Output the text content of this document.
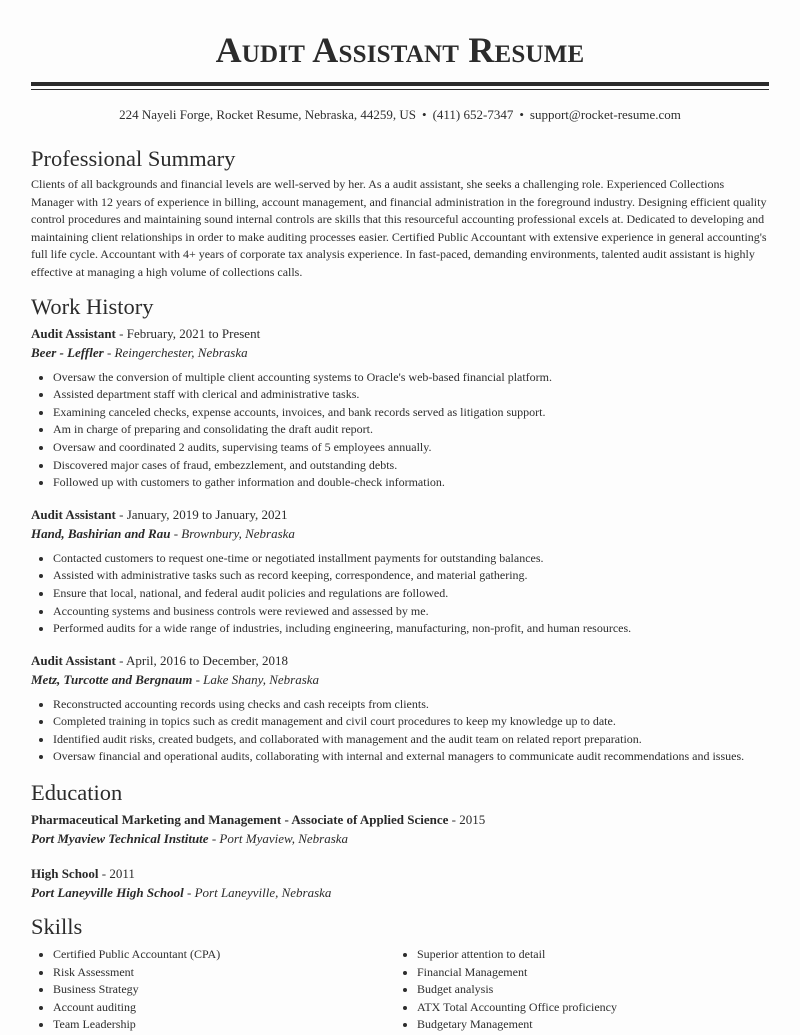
Audit Assistant Resume
224 Nayeli Forge, Rocket Resume, Nebraska, 44259, US • (411) 652-7347 • support@rocket-resume.com
Professional Summary
Clients of all backgrounds and financial levels are well-served by her. As a audit assistant, she seeks a challenging role. Experienced Collections Manager with 12 years of experience in billing, account management, and financial administration in the foreground industry. Designing efficient quality control procedures and maintaining sound internal controls are skills that this resourceful accounting professional excels at. Dedicated to developing and maintaining client relationships in order to make auditing processes easier. Certified Public Accountant with extensive experience in general accounting's full life cycle. Accountant with 4+ years of corporate tax analysis experience. In fast-paced, demanding environments, talented audit assistant is highly effective at managing a high volume of collections calls.
Work History
Audit Assistant - February, 2021 to Present
Beer - Leffler - Reingerchester, Nebraska
• Oversaw the conversion of multiple client accounting systems to Oracle's web-based financial platform.
• Assisted department staff with clerical and administrative tasks.
• Examining canceled checks, expense accounts, invoices, and bank records served as litigation support.
• Am in charge of preparing and consolidating the draft audit report.
• Oversaw and coordinated 2 audits, supervising teams of 5 employees annually.
• Discovered major cases of fraud, embezzlement, and outstanding debts.
• Followed up with customers to gather information and double-check information.
Audit Assistant - January, 2019 to January, 2021
Hand, Bashirian and Rau - Brownbury, Nebraska
• Contacted customers to request one-time or negotiated installment payments for outstanding balances.
• Assisted with administrative tasks such as record keeping, correspondence, and material gathering.
• Ensure that local, national, and federal audit policies and regulations are followed.
• Accounting systems and business controls were reviewed and assessed by me.
• Performed audits for a wide range of industries, including engineering, manufacturing, non-profit, and human resources.
Audit Assistant - April, 2016 to December, 2018
Metz, Turcotte and Bergnaum - Lake Shany, Nebraska
• Reconstructed accounting records using checks and cash receipts from clients.
• Completed training in topics such as credit management and civil court procedures to keep my knowledge up to date.
• Identified audit risks, created budgets, and collaborated with management and the audit team on related report preparation.
• Oversaw financial and operational audits, collaborating with internal and external managers to communicate audit recommendations and issues.
Education
Pharmaceutical Marketing and Management - Associate of Applied Science - 2015
Port Myaview Technical Institute - Port Myaview, Nebraska
High School - 2011
Port Laneyville High School - Port Laneyville, Nebraska
Skills
• Certified Public Accountant (CPA)
• Risk Assessment
• Business Strategy
• Account auditing
• Team Leadership
• Superior attention to detail
• Financial Management
• Budget analysis
• ATX Total Accounting Office proficiency
• Budgetary Management
